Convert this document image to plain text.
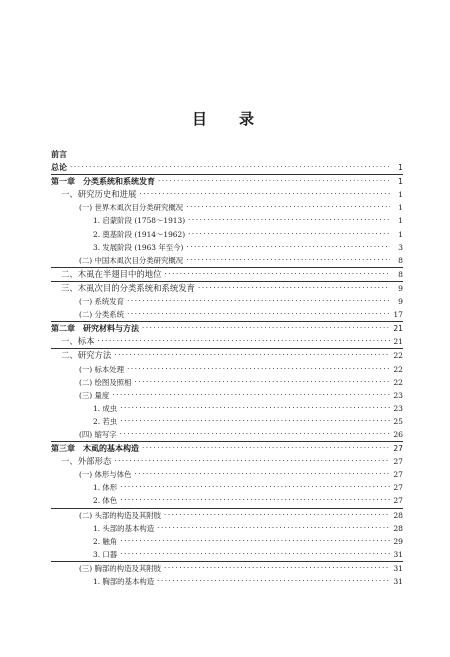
目 录
前言
总论 ·····	1
第一章　分类系统和系统发育 ·····	1
一、研究历史和进展 ·····	1
(一) 世界木虱次目分类研究概况 ·····	1
1. 启蒙阶段 (1758～1913) ·····	1
2. 奠基阶段 (1914～1962) ·····	1
3. 发展阶段 (1963 年至今) ·····	3
(二) 中国木虱次目分类研究概况 ·····	8
二、木虱在半翅目中的地位 ·····	8
三、木虱次目的分类系统和系统发育 ·····	9
(一) 系统发育 ·····	9
(二) 分类系统 ·····	17
第二章　研究材料与方法 ·····	21
一、标本 ·····	21
二、研究方法 ·····	22
(一) 标本处理 ·····	22
(二) 绘图及照相 ·····	22
(三) 量度 ·····	23
1. 成虫 ·····	23
2. 若虫 ·····	25
(四) 缩写字 ·····	26
第三章　木虱的基本构造 ·····	27
一、外部形态 ·····	27
(一) 体形与体色 ·····	27
1. 体形 ·····	27
2. 体色 ·····	27
(二) 头部的构造及其附肢 ·····	28
1. 头部的基本构造 ·····	28
2. 触角 ·····	29
3. 口器 ·····	31
(三) 胸部的构造及其附肢 ·····	31
1. 胸部的基本构造 ·····	31
